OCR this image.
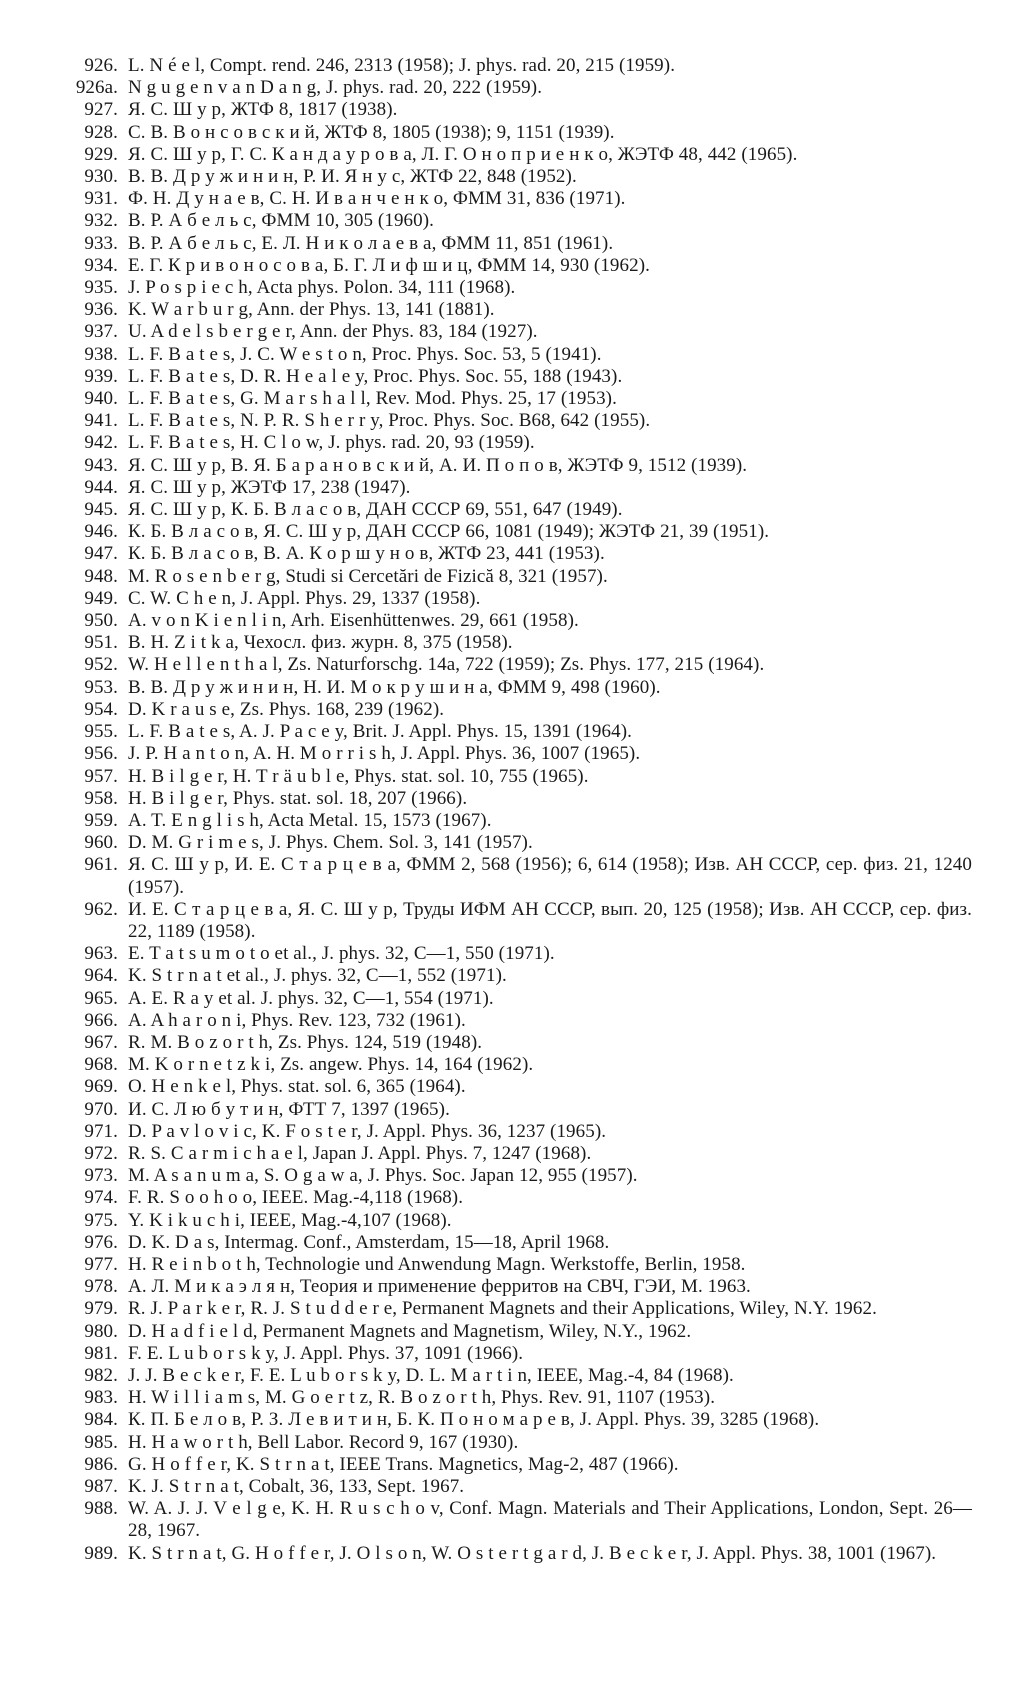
926. L. N é e l, Compt. rend. 246, 2313 (1958); J. phys. rad. 20, 215 (1959).
926a. N g u g e n v a n D a n g, J. phys. rad. 20, 222 (1959).
927. Я. С. Ш у р, ЖТФ 8, 1817 (1938).
928. С. В. В о н с о в с к и й, ЖТФ 8, 1805 (1938); 9, 1151 (1939).
929. Я. С. Ш у р, Г. С. К а н д а у р о в а, Л. Г. О н о п р и е н к о, ЖЭТФ 48, 442 (1965).
930. В. В. Д р у ж и н и н, Р. И. Я н у с, ЖТФ 22, 848 (1952).
931. Ф. Н. Д у н а е в, С. Н. И в а н ч е н к о, ФММ 31, 836 (1971).
932. В. Р. А б е л ь с, ФММ 10, 305 (1960).
933. В. Р. А б е л ь с, Е. Л. Н и к о л а е в а, ФММ 11, 851 (1961).
934. Е. Г. К р и в о н о с о в а, Б. Г. Л и ф ш и ц, ФММ 14, 930 (1962).
935. J. P o s p i e c h, Acta phys. Polon. 34, 111 (1968).
936. K. W a r b u r g, Ann. der Phys. 13, 141 (1881).
937. U. A d e l s b e r g e r, Ann. der Phys. 83, 184 (1927).
938. L. F. B a t e s, J. C. W e s t o n, Proc. Phys. Soc. 53, 5 (1941).
939. L. F. B a t e s, D. R. H e a l e y, Proc. Phys. Soc. 55, 188 (1943).
940. L. F. B a t e s, G. M a r s h a l l, Rev. Mod. Phys. 25, 17 (1953).
941. L. F. B a t e s, N. P. R. S h e r r y, Proc. Phys. Soc. B68, 642 (1955).
942. L. F. B a t e s, H. C l o w, J. phys. rad. 20, 93 (1959).
943. Я. С. Ш у р, В. Я. Б а р а н о в с к и й, А. И. П о п о в, ЖЭТФ 9, 1512 (1939).
944. Я. С. Ш у р, ЖЭТФ 17, 238 (1947).
945. Я. С. Ш у р, К. Б. В л а с о в, ДАН СССР 69, 551, 647 (1949).
946. К. Б. В л а с о в, Я. С. Ш у р, ДАН СССР 66, 1081 (1949); ЖЭТФ 21, 39 (1951).
947. К. Б. В л а с о в, В. А. К о р ш у н о в, ЖТФ 23, 441 (1953).
948. M. R o s e n b e r g, Studi si Cercetări de Fizică 8, 321 (1957).
949. C. W. C h e n, J. Appl. Phys. 29, 1337 (1958).
950. A. v o n K i e n l i n, Arh. Eisenhüttenwes. 29, 661 (1958).
951. B. H. Z i t k a, Чехосл. физ. журн. 8, 375 (1958).
952. W. H e l l e n t h a l, Zs. Naturforschg. 14a, 722 (1959); Zs. Phys. 177, 215 (1964).
953. В. В. Д р у ж и н и н, Н. И. М о к р у ш и н а, ФММ 9, 498 (1960).
954. D. K r a u s e, Zs. Phys. 168, 239 (1962).
955. L. F. B a t e s, A. J. P a c e y, Brit. J. Appl. Phys. 15, 1391 (1964).
956. J. P. H a n t o n, A. H. M o r r i s h, J. Appl. Phys. 36, 1007 (1965).
957. H. B i l g e r, H. T r ä u b l e, Phys. stat. sol. 10, 755 (1965).
958. H. B i l g e r, Phys. stat. sol. 18, 207 (1966).
959. A. T. E n g l i s h, Acta Metal. 15, 1573 (1967).
960. D. M. G r i m e s, J. Phys. Chem. Sol. 3, 141 (1957).
961. Я. С. Ш у р, И. Е. С т а р ц е в а, ФММ 2, 568 (1956); 6, 614 (1958); Изв. АН СССР, сер. физ. 21, 1240 (1957).
962. И. Е. С т а р ц е в а, Я. С. Ш у р, Труды ИФМ АН СССР, вып. 20, 125 (1958); Изв. АН СССР, сер. физ. 22, 1189 (1958).
963. E. T a t s u m o t o et al., J. phys. 32, C—1, 550 (1971).
964. K. S t r n a t et al., J. phys. 32, C—1, 552 (1971).
965. A. E. R a y et al. J. phys. 32, C—1, 554 (1971).
966. A. A h a r o n i, Phys. Rev. 123, 732 (1961).
967. R. M. B o z o r t h, Zs. Phys. 124, 519 (1948).
968. M. K o r n e t z k i, Zs. angew. Phys. 14, 164 (1962).
969. O. H e n k e l, Phys. stat. sol. 6, 365 (1964).
970. И. С. Л ю б у т и н, ФТТ 7, 1397 (1965).
971. D. P a v l o v i c, K. F o s t e r, J. Appl. Phys. 36, 1237 (1965).
972. R. S. C a r m i c h a e l, Japan J. Appl. Phys. 7, 1247 (1968).
973. M. A s a n u m a, S. O g a w a, J. Phys. Soc. Japan 12, 955 (1957).
974. F. R. S o o h o o, IEEE. Mag.-4,118 (1968).
975. Y. K i k u c h i, IEEE, Mag.-4,107 (1968).
976. D. K. D a s, Intermag. Conf., Amsterdam, 15—18, April 1968.
977. H. R e i n b o t h, Technologie und Anwendung Magn. Werkstoffe, Berlin, 1958.
978. А. Л. М и к а э л я н, Теория и применение ферритов на СВЧ, ГЭИ, М. 1963.
979. R. J. P a r k e r, R. J. S t u d d e r e, Permanent Magnets and their Applications, Wiley, N.Y. 1962.
980. D. H a d f i e l d, Permanent Magnets and Magnetism, Wiley, N.Y., 1962.
981. F. E. L u b o r s k y, J. Appl. Phys. 37, 1091 (1966).
982. J. J. B e c k e r, F. E. L u b o r s k y, D. L. M a r t i n, IEEE, Mag.-4, 84 (1968).
983. H. W i l l i a m s, M. G o e r t z, R. B o z o r t h, Phys. Rev. 91, 1107 (1953).
984. К. П. Б е л о в, Р. З. Л е в и т и н, Б. К. П о н о м а р е в, J. Appl. Phys. 39, 3285 (1968).
985. H. H a w o r t h, Bell Labor. Record 9, 167 (1930).
986. G. H o f f e r, K. S t r n a t, IEEE Trans. Magnetics, Mag-2, 487 (1966).
987. K. J. S t r n a t, Cobalt, 36, 133, Sept. 1967.
988. W. A. J. J. V e l g e, K. H. R u s c h o v, Conf. Magn. Materials and Their Applications, London, Sept. 26—28, 1967.
989. K. S t r n a t, G. H o f f e r, J. O l s o n, W. O s t e r t g a r d, J. B e c k e r, J. Appl. Phys. 38, 1001 (1967).
